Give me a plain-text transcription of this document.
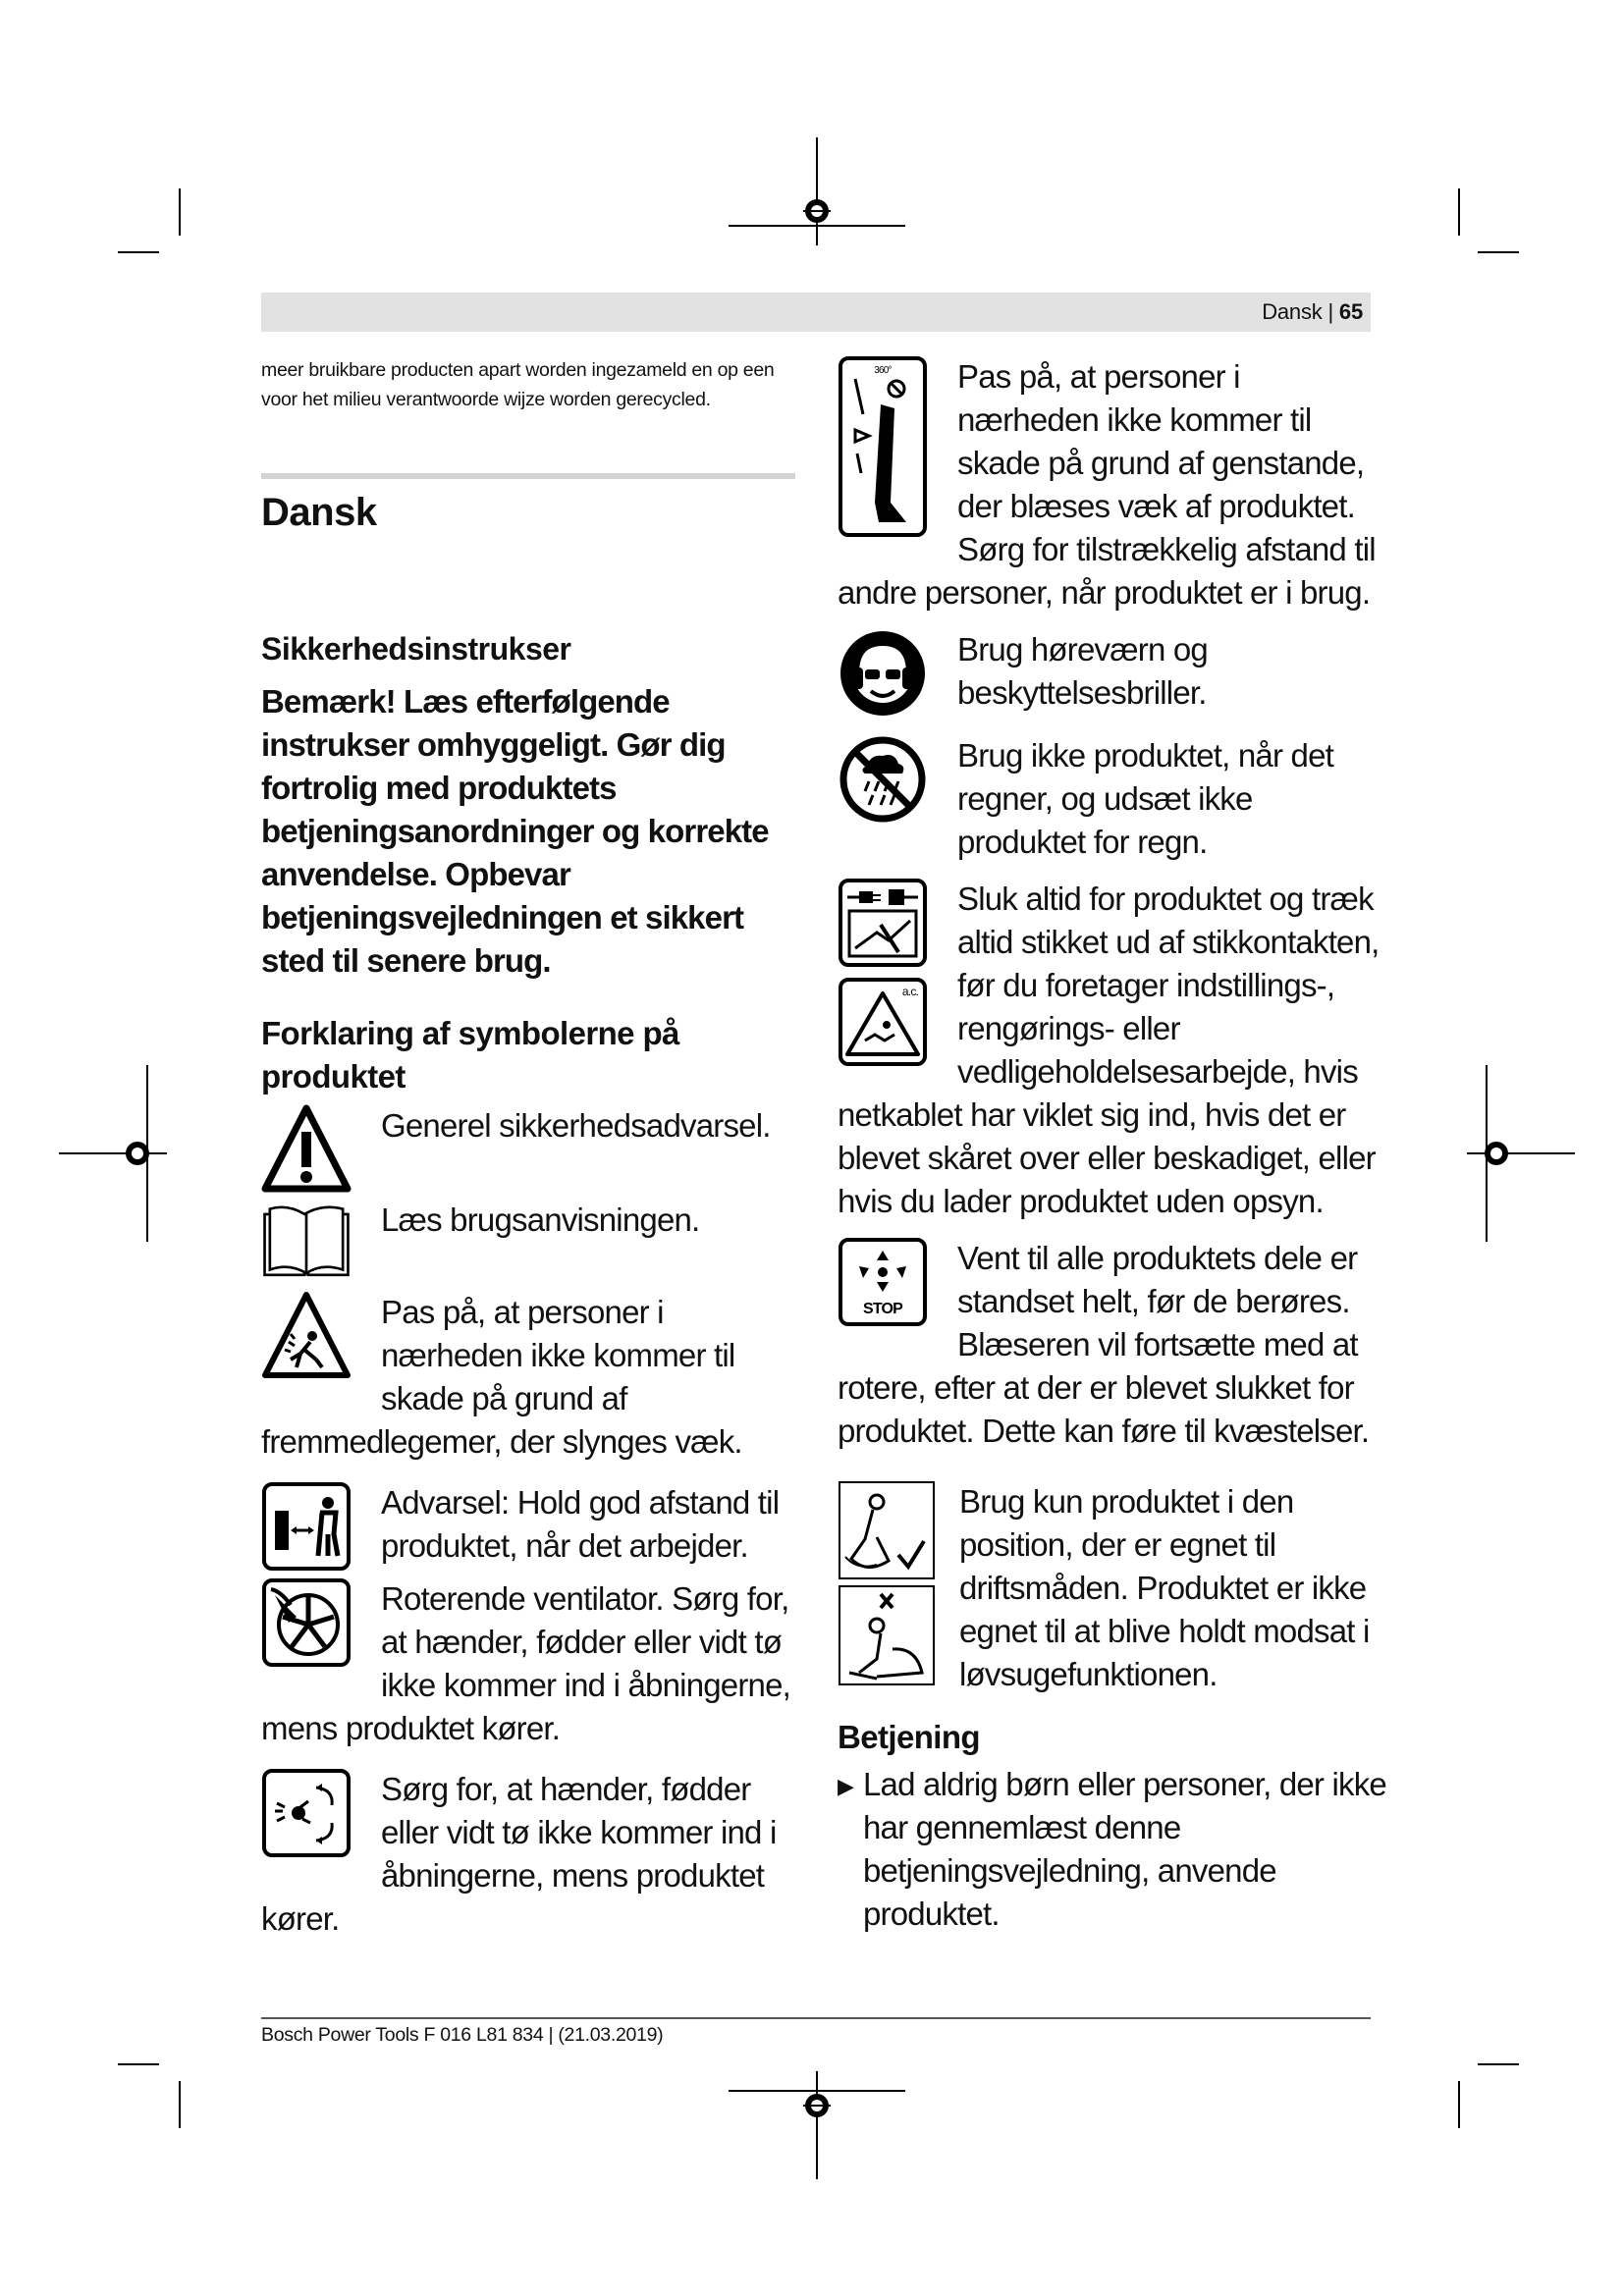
Dansk | 65
meer bruikbare producten apart worden ingezameld en op een voor het milieu verantwoorde wijze worden gerecycled.
Dansk
Sikkerhedsinstrukser
Bemærk! Læs efterfølgende instrukser omhyggeligt. Gør dig fortrolig med produktets betjeningsanordninger og korrekte anvendelse. Opbevar betjeningsvejledningen et sikkert sted til senere brug.
Forklaring af symbolerne på produktet
Generel sikkerhedsadvarsel.
Læs brugsanvisningen.
Pas på, at personer i nærheden ikke kommer til skade på grund af fremmedlegemer, der slynges væk.
Advarsel: Hold god afstand til produktet, når det arbejder.
Roterende ventilator. Sørg for, at hænder, fødder eller vidt tø ikke kommer ind i åbningerne, mens produktet kører.
Sørg for, at hænder, fødder eller vidt tø ikke kommer ind i åbningerne, mens produktet kører.
360° Pas på, at personer i nærheden ikke kommer til skade på grund af genstande, der blæses væk af produktet. Sørg for tilstrækkelig afstand til andre personer, når produktet er i brug.
Brug høreværn og beskyttelsesbriller.
Brug ikke produktet, når det regner, og udsæt ikke produktet for regn.
a.c.
Sluk altid for produktet og træk altid stikket ud af stikkontakten, før du foretager indstillings-, rengørings- eller vedligeholdelsesarbejde, hvis netkablet har viklet sig ind, hvis det er blevet skåret over eller beskadiget, eller hvis du lader produktet uden opsyn.
STOP
Vent til alle produktets dele er standset helt, før de berøres. Blæseren vil fortsætte med at rotere, efter at der er blevet slukket for produktet. Dette kan føre til kvæstelser.
Brug kun produktet i den position, der er egnet til driftsmåden. Produktet er ikke egnet til at blive holdt modsat i løvsugefunktionen.
Betjening
▶ Lad aldrig børn eller personer, der ikke har gennemlæst denne betjeningsvejledning, anvende produktet.
Bosch Power Tools F 016 L81 834 | (21.03.2019)
